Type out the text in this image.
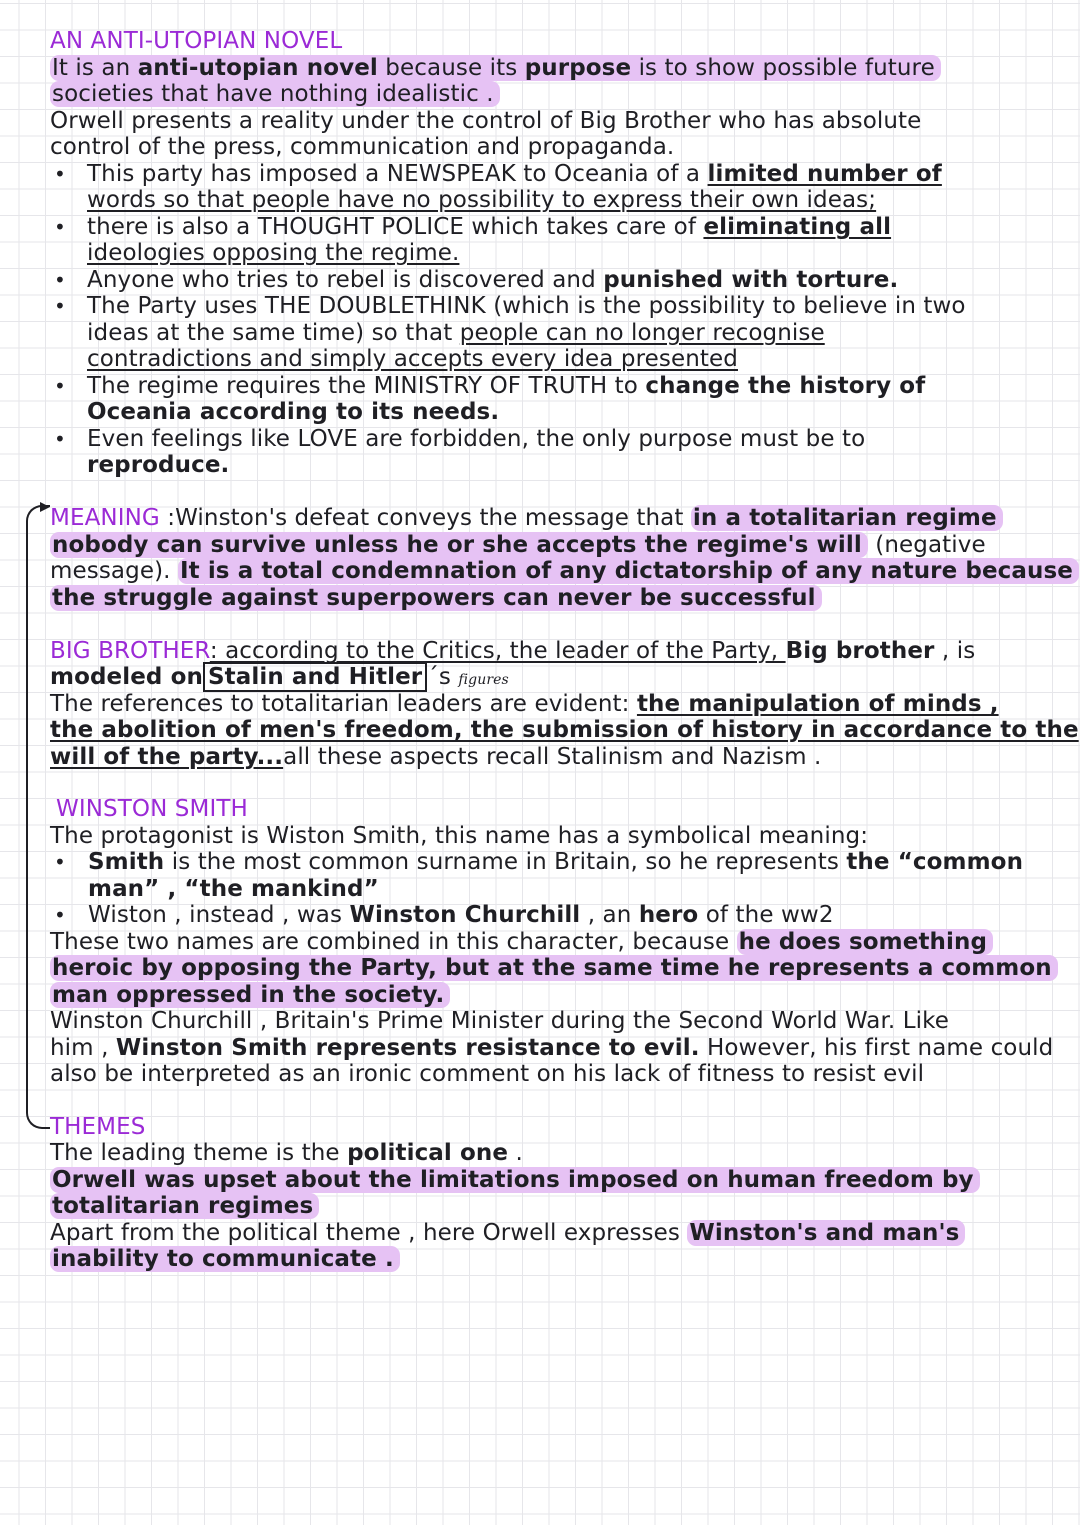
AN ANTI-UTOPIAN NOVEL
It is an anti-utopian novel because its purpose is to show possible future
societies that have nothing idealistic .
Orwell presents a reality under the control of Big Brother who has absolute
control of the press, communication and propaganda.
• This party has imposed a NEWSPEAK to Oceania of a limited number of
words so that people have no possibility to express their own ideas;
• there is also a THOUGHT POLICE which takes care of eliminating all
ideologies opposing the regime.
• Anyone who tries to rebel is discovered and punished with torture.
• The Party uses THE DOUBLETHINK (which is the possibility to believe in two
ideas at the same time) so that people can no longer recognise
contradictions and simply accepts every idea presented
• The regime requires the MINISTRY OF TRUTH to change the history of
Oceania according to its needs.
• Even feelings like LOVE are forbidden, the only purpose must be to
reproduce.
MEANING :Winston's defeat conveys the message that in a totalitarian regime
nobody can survive unless he or she accepts the regime's will (negative
message). It is a total condemnation of any dictatorship of any nature because
the struggle against superpowers can never be successful
BIG BROTHER: according to the Critics, the leader of the Party, Big brother , is
modeled on Stalin and Hitler ´s figures
The references to totalitarian leaders are evident: the manipulation of minds ,
the abolition of men's freedom, the submission of history in accordance to the
will of the party...all these aspects recall Stalinism and Nazism .
WINSTON SMITH
The protagonist is Wiston Smith, this name has a symbolical meaning:
• Smith is the most common surname in Britain, so he represents the “common
man” , “the mankind”
• Wiston , instead , was Winston Churchill , an hero of the ww2
These two names are combined in this character, because he does something
heroic by opposing the Party, but at the same time he represents a common
man oppressed in the society.
Winston Churchill , Britain's Prime Minister during the Second World War. Like
him , Winston Smith represents resistance to evil. However, his first name could
also be interpreted as an ironic comment on his lack of fitness to resist evil
THEMES
The leading theme is the political one .
Orwell was upset about the limitations imposed on human freedom by
totalitarian regimes
Apart from the political theme , here Orwell expresses Winston's and man's
inability to communicate .
